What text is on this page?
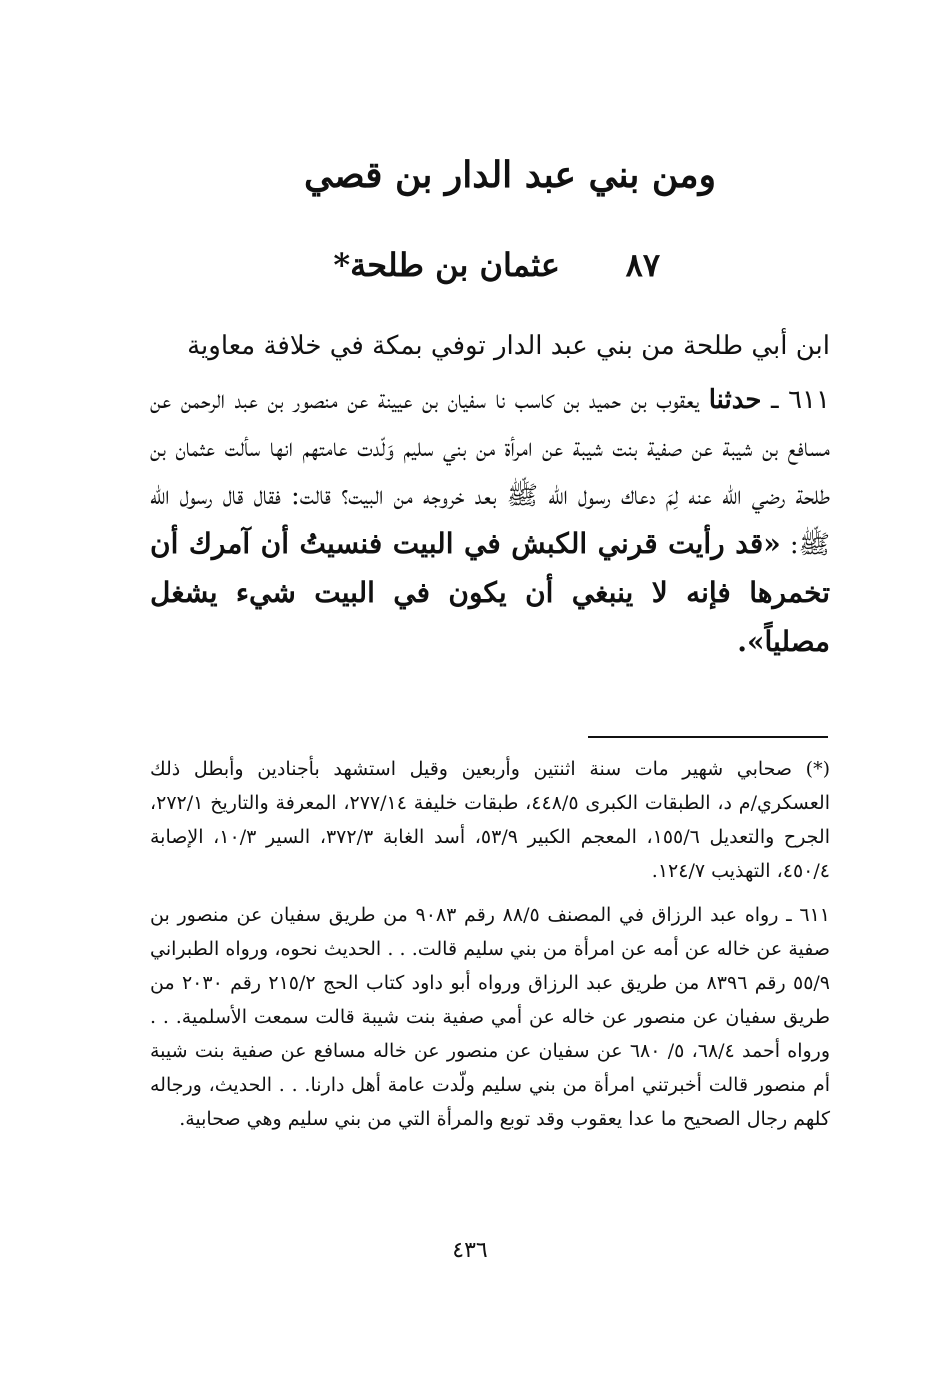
ومن بني عبد الدار بن قصي
٨٧
عثمان بن طلحة*

ابن أبي طلحة من بني عبد الدار توفي بمكة في خلافة معاوية

٦١١ ـ حدثنا يعقوب بن حميد بن كاسب نا سفيان بن عيينة عن منصور بن عبد الرحمن عن مسافع بن شيبة عن صفية بنت شيبة عن امرأة من بني سليم وَلّدت عامتهم انها سألت عثمان بن طلحة رضي الله عنه لِمَ دعاك رسول الله ﷺ بعد خروجه من البيت؟ قالت: فقال قال رسول الله ﷺ: «قد رأيت قرني الكبش في البيت فنسيتُ أن آمرك أن تخمرها فإنه لا ينبغي أن يكون في البيت شيء يشغل مصلياً».

(*) صحابي شهير مات سنة اثنتين وأربعين وقيل استشهد بأجنادين وأبطل ذلك العسكري/م د، الطبقات الكبرى ٤٤٨/٥، طبقات خليفة ٢٧٧/١٤، المعرفة والتاريخ ٢٧٢/١، الجرح والتعديل ١٥٥/٦، المعجم الكبير ٥٣/٩، أسد الغابة ٣٧٢/٣، السير ١٠/٣، الإصابة ٤٥٠/٤، التهذيب ١٢٤/٧.

٦١١ ـ رواه عبد الرزاق في المصنف ٨٨/٥ رقم ٩٠٨٣ من طريق سفيان عن منصور بن صفية عن خاله عن أمه عن امرأة من بني سليم قالت. . . الحديث نحوه، ورواه الطبراني ٥٥/٩ رقم ٨٣٩٦ من طريق عبد الرزاق ورواه أبو داود كتاب الحج ٢١٥/٢ رقم ٢٠٣٠ من طريق سفيان عن منصور عن خاله عن أمي صفية بنت شيبة قالت سمعت الأسلمية. . . ورواه أحمد ٦٨/٤، ٥/ ٦٨٠ عن سفيان عن منصور عن خاله مسافع عن صفية بنت شيبة أم منصور قالت أخبرتني امرأة من بني سليم ولّدت عامة أهل دارنا. . . الحديث، ورجاله كلهم رجال الصحيح ما عدا يعقوب وقد توبع والمرأة التي من بني سليم وهي صحابية.

٤٣٦
